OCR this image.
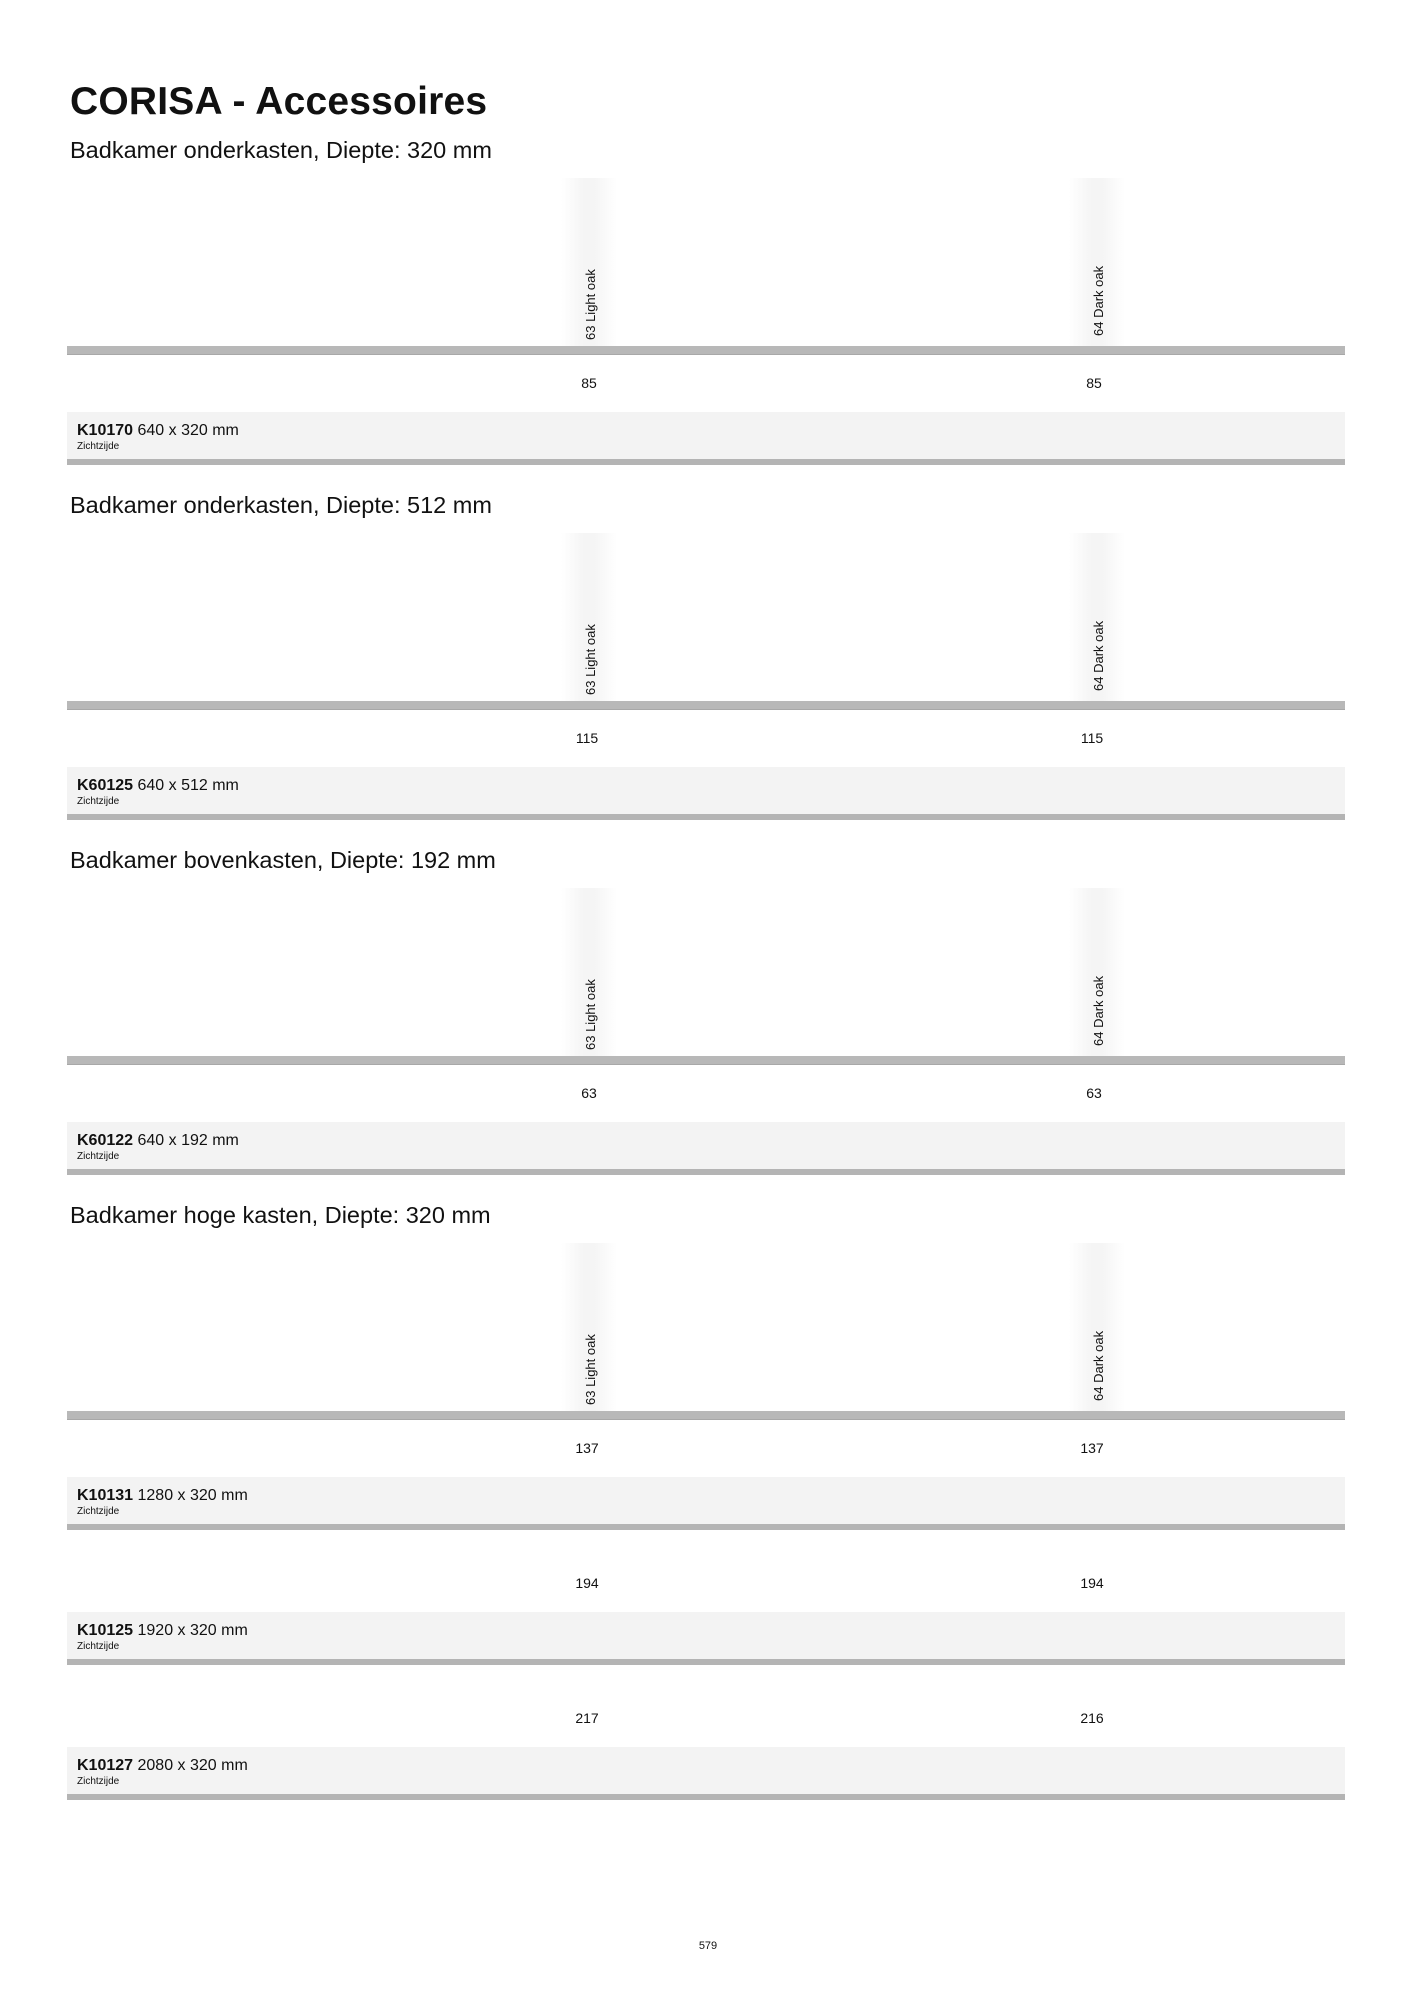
CORISA - Accessoires
Badkamer onderkasten, Diepte: 320 mm
63 Light oak	64 Dark oak
85	85
K10170 640 x 320 mm
Zichtzijde
Badkamer onderkasten, Diepte: 512 mm
63 Light oak	64 Dark oak
115	115
K60125 640 x 512 mm
Zichtzijde
Badkamer bovenkasten, Diepte: 192 mm
63 Light oak	64 Dark oak
63	63
K60122 640 x 192 mm
Zichtzijde
Badkamer hoge kasten, Diepte: 320 mm
63 Light oak	64 Dark oak
137	137
K10131 1280 x 320 mm
Zichtzijde
194	194
K10125 1920 x 320 mm
Zichtzijde
217	216
K10127 2080 x 320 mm
Zichtzijde
579
